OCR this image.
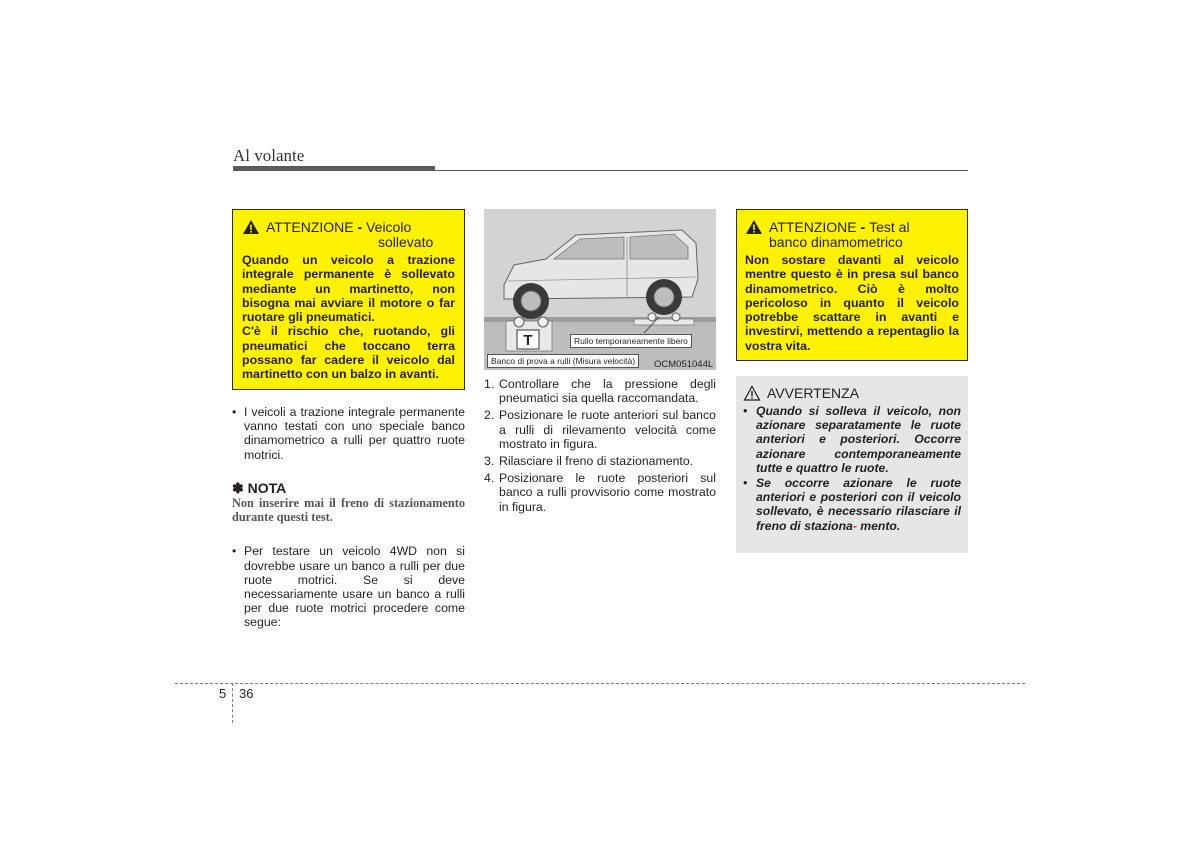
Al volante
ATTENZIONE - Veicolo
sollevato
Quando un veicolo a trazione integrale permanente è sollevato mediante un martinetto, non bisogna mai avviare il motore o far ruotare gli pneumatici.
C'è il rischio che, ruotando, gli pneumatici che toccano terra possano far cadere il veicolo dal martinetto con un balzo in avanti.
• I veicoli a trazione integrale permanente vanno testati con uno speciale banco dinamometrico a rulli per quattro ruote motrici.
✽ NOTA
Non inserire mai il freno di stazionamento durante questi test.
• Per testare un veicolo 4WD non si dovrebbe usare un banco a rulli per due ruote motrici. Se si deve necessariamente usare un banco a rulli per due ruote motrici procedere come segue:
T	Rullo temporaneamente libero
Banco di prova a rulli (Misura velocità)	OCM051044L
1. Controllare che la pressione degli pneumatici sia quella raccomandata.
2. Posizionare le ruote anteriori sul banco a rulli di rilevamento velocità come mostrato in figura.
3. Rilasciare il freno di stazionamento.
4. Posizionare le ruote posteriori sul banco a rulli provvisorio come mostrato in figura.
ATTENZIONE - Test al
banco dinamometrico
Non sostare davanti al veicolo mentre questo è in presa sul banco dinamometrico. Ciò è molto pericoloso in quanto il veicolo potrebbe scattare in avanti e investirvi, mettendo a repentaglio la vostra vita.
AVVERTENZA
• Quando si solleva il veicolo, non azionare separatamente le ruote anteriori e posteriori. Occorre azionare contemporaneamente tutte e quattro le ruote.
• Se occorre azionare le ruote anteriori e posteriori con il veicolo sollevato, è necessario rilasciare il freno di staziona- mento.
5 36
